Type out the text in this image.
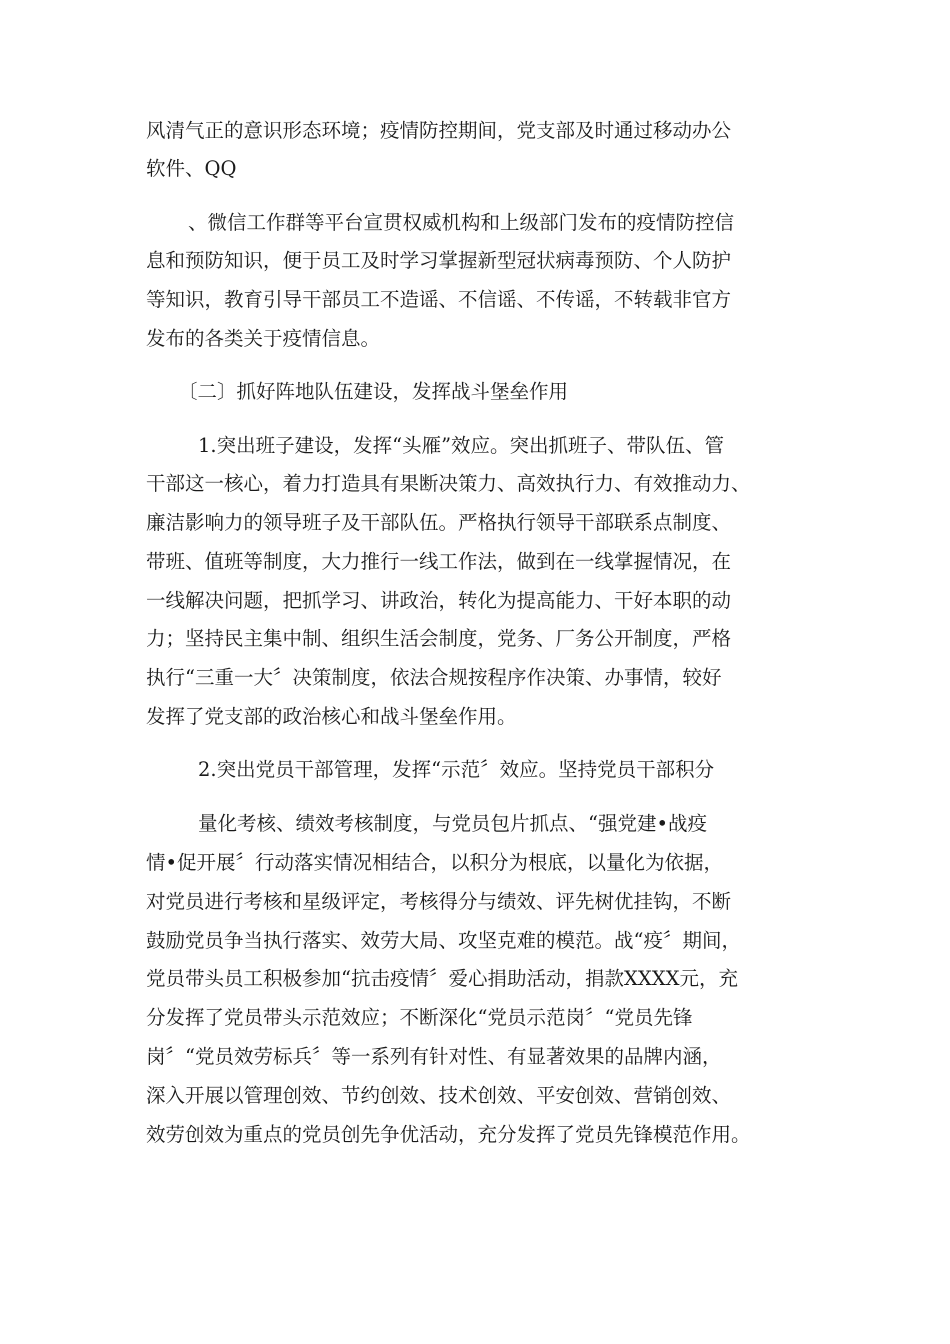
风清气正的意识形态环境；疫情防控期间，党支部及时通过移动办公
软件、QQ
、微信工作群等平台宣贯权威机构和上级部门发布的疫情防控信
息和预防知识，便于员工及时学习掌握新型冠状病毒预防、个人防护
等知识，教育引导干部员工不造谣、不信谣、不传谣，不转载非官方
发布的各类关于疫情信息。
〔二〕抓好阵地队伍建设，发挥战斗堡垒作用
1.突出班子建设，发挥“头雁”效应。突出抓班子、带队伍、管
干部这一核心，着力打造具有果断决策力、高效执行力、有效推动力、
廉洁影响力的领导班子及干部队伍。严格执行领导干部联系点制度、
带班、值班等制度，大力推行一线工作法，做到在一线掌握情况，在
一线解决问题，把抓学习、讲政治，转化为提高能力、干好本职的动
力；坚持民主集中制、组织生活会制度，党务、厂务公开制度，严格
执行“三重一大〞决策制度，依法合规按程序作决策、办事情，较好
发挥了党支部的政治核心和战斗堡垒作用。
2.突出党员干部管理，发挥“示范〞效应。坚持党员干部积分
量化考核、绩效考核制度，与党员包片抓点、“强党建•战疫
情•促开展〞行动落实情况相结合，以积分为根底，以量化为依据，
对党员进行考核和星级评定，考核得分与绩效、评先树优挂钩，不断
鼓励党员争当执行落实、效劳大局、攻坚克难的模范。战“疫〞期间，
党员带头员工积极参加“抗击疫情〞爱心捐助活动，捐款XXXX元，充
分发挥了党员带头示范效应；不断深化“党员示范岗〞“党员先锋
岗〞“党员效劳标兵〞等一系列有针对性、有显著效果的品牌内涵，
深入开展以管理创效、节约创效、技术创效、平安创效、营销创效、
效劳创效为重点的党员创先争优活动，充分发挥了党员先锋模范作用。
